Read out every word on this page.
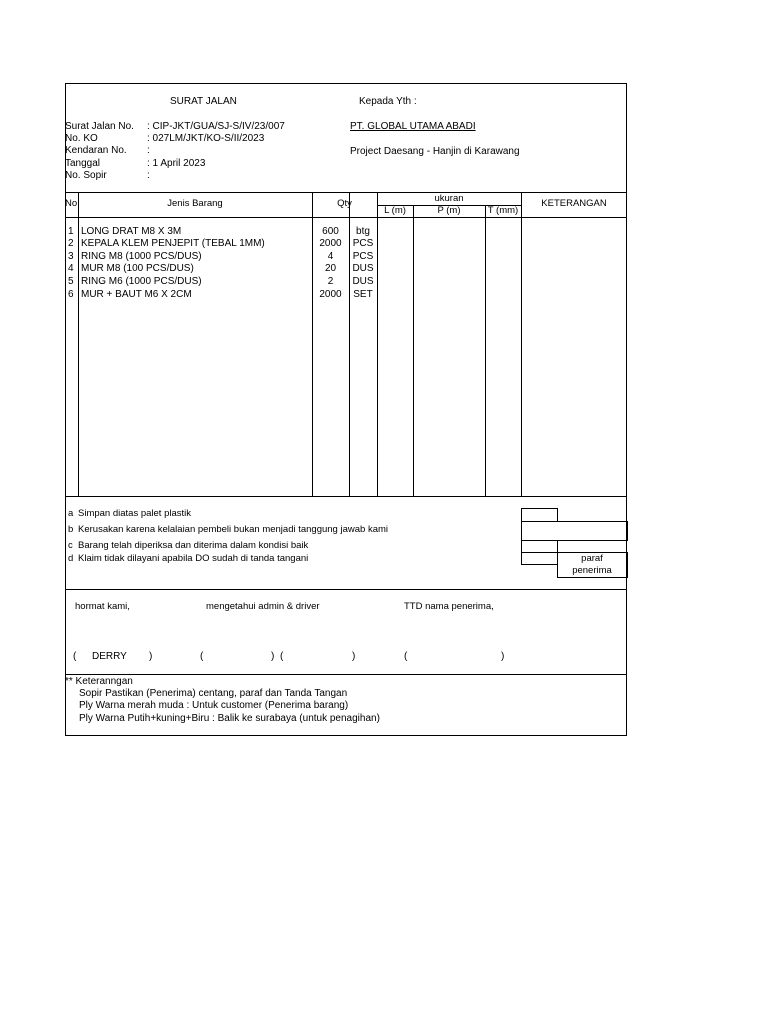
SURAT JALAN	Kepada Yth :
Surat Jalan No. : CIP-JKT/GUA/SJ-S/IV/23/007
No. KO	: 027LM/JKT/KO-S/II/2023
Kendaran No. :
Tanggal	: 1 April 2023
No. Sopir	:
PT. GLOBAL UTAMA ABADI
Project Daesang - Hanjin di Karawang
No	Jenis Barang	Qty	ukuran
L (m)	P (m)	T (mm)
KETERANGAN
1 LONG DRAT M8 X 3M	600	btg
2 KEPALA KLEM PENJEPIT (TEBAL 1MM)	2000	PCS
3 RING M8 (1000 PCS/DUS)	4	PCS
4 MUR M8 (100 PCS/DUS)	20	DUS
5 RING M6 (1000 PCS/DUS)	2	DUS
6 MUR + BAUT M6 X 2CM	2000	SET
a Simpan diatas palet plastik
b Kerusakan karena kelalaian pembeli bukan menjadi tanggung jawab kami
c Barang telah diperiksa dan diterima dalam kondisi baik
d Klaim tidak dilayani apabila DO sudah di tanda tangani	paraf
penerima
hormat kami,	mengetahui admin & driver	TTD nama penerima,
( DERRY )	(	) (	)	(	)
** Keteranngan
Sopir Pastikan (Penerima) centang, paraf dan Tanda Tangan
Ply Warna merah muda : Untuk customer (Penerima barang)
Ply Warna Putih+kuning+Biru : Balik ke surabaya (untuk penagihan)
